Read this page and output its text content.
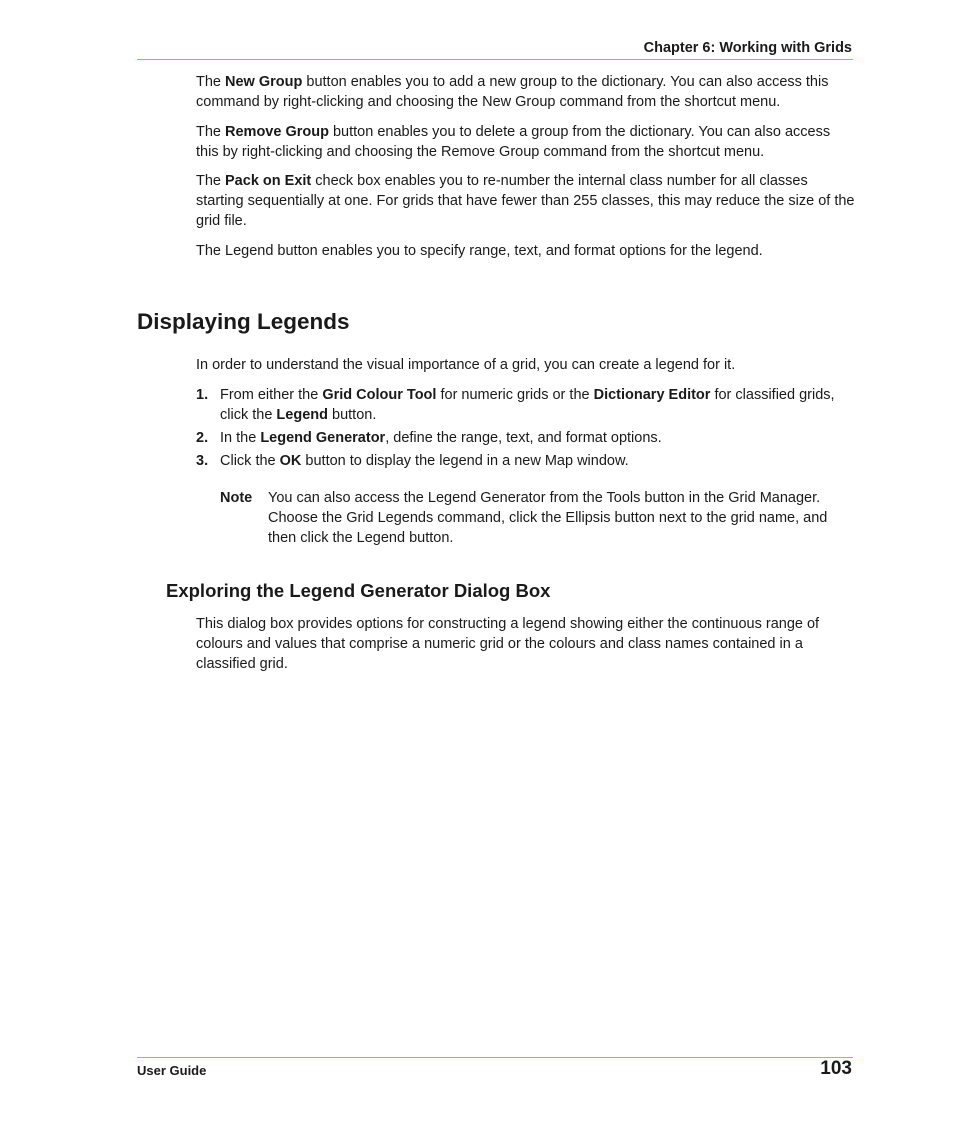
Chapter 6: Working with Grids

The New Group button enables you to add a new group to the dictionary. You can also access this command by right-clicking and choosing the New Group command from the shortcut menu.

The Remove Group button enables you to delete a group from the dictionary. You can also access this by right-clicking and choosing the Remove Group command from the shortcut menu.

The Pack on Exit check box enables you to re-number the internal class number for all classes starting sequentially at one. For grids that have fewer than 255 classes, this may reduce the size of the grid file.

The Legend button enables you to specify range, text, and format options for the legend.

Displaying Legends

In order to understand the visual importance of a grid, you can create a legend for it.

1. From either the Grid Colour Tool for numeric grids or the Dictionary Editor for classified grids, click the Legend button.
2. In the Legend Generator, define the range, text, and format options.
3. Click the OK button to display the legend in a new Map window.
Note You can also access the Legend Generator from the Tools button in the Grid Manager. Choose the Grid Legends command, click the Ellipsis button next to the grid name, and then click the Legend button.
Exploring the Legend Generator Dialog Box

This dialog box provides options for constructing a legend showing either the continuous range of colours and values that comprise a numeric grid or the colours and class names contained in a classified grid.

User Guide	103
